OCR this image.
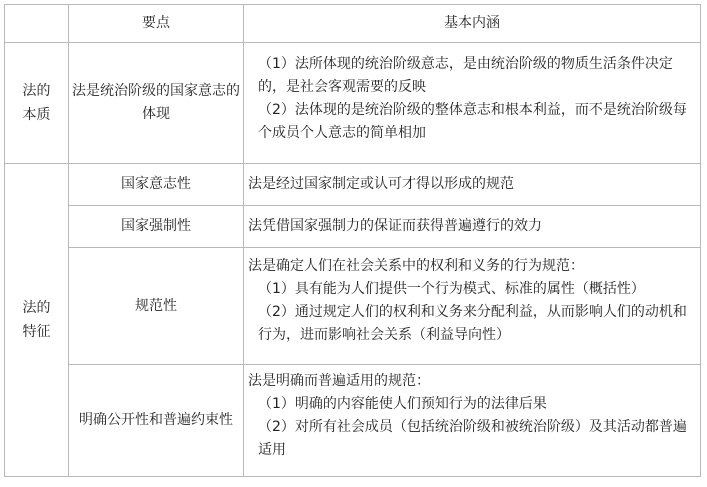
	要点	基本内涵
法的本质	法是统治阶级的国家意志的体现	（1）法所体现的统治阶级意志，是由统治阶级的物质生活条件决定的，是社会客观需要的反映
（2）法体现的是统治阶级的整体意志和根本利益，而不是统治阶级每个成员个人意志的简单相加

法的特征	国家意志性	法是经过国家制定或认可才得以形成的规范

	国家强制性	法凭借国家强制力的保证而获得普遍遵行的效力

	规范性	法是确定人们在社会关系中的权利和义务的行为规范：
（1）具有能为人们提供一个行为模式、标准的属性（概括性）
（2）通过规定人们的权利和义务来分配利益，从而影响人们的动机和行为，进而影响社会关系（利益导向性）

	明确公开性和普遍约束性	法是明确而普遍适用的规范：
（1）明确的内容能使人们预知行为的法律后果
（2）对所有社会成员（包括统治阶级和被统治阶级）及其活动都普遍适用
